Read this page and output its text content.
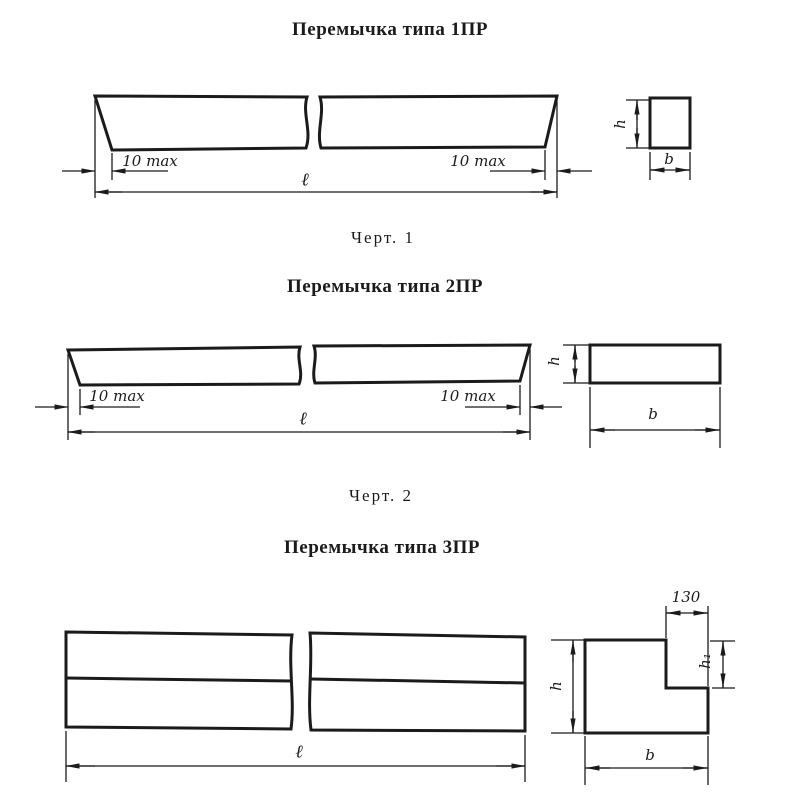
Перемычка типа 1ПР
10 max	10 max
ℓ
h
b
Черт. 1
Перемычка типа 2ПР
10 max	10 max
ℓ
h
b
Черт. 2
Перемычка типа 3ПР
ℓ
130
h₁
h
b
